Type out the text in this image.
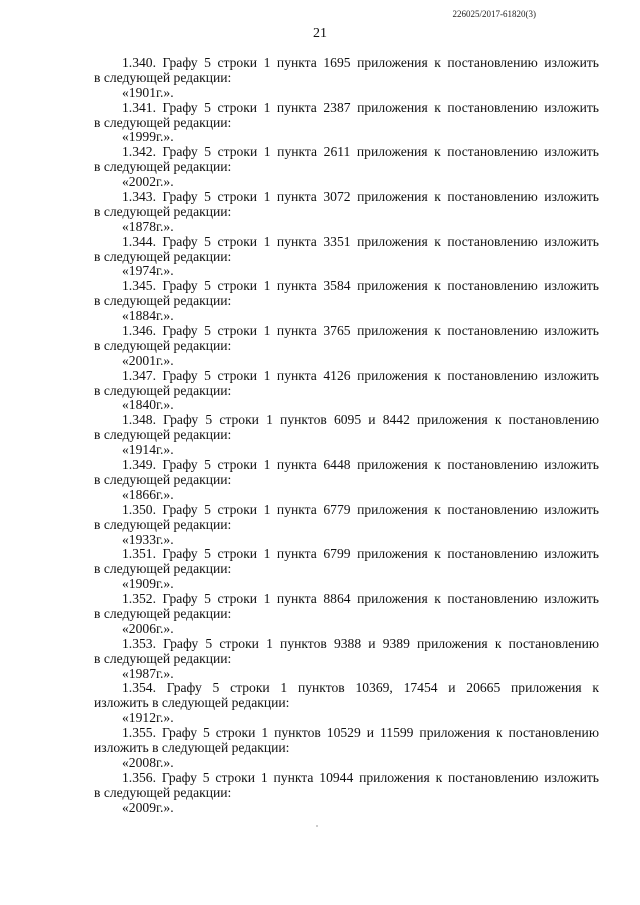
226025/2017-61820(3)
21
1.340. Графу 5 строки 1 пункта 1695 приложения к постановлению изложить
в следующей редакции:
«1901г.».
1.341. Графу 5 строки 1 пункта 2387 приложения к постановлению изложить
в следующей редакции:
«1999г.».
1.342. Графу 5 строки 1 пункта 2611 приложения к постановлению изложить
в следующей редакции:
«2002г.».
1.343. Графу 5 строки 1 пункта 3072 приложения к постановлению изложить
в следующей редакции:
«1878г.».
1.344. Графу 5 строки 1 пункта 3351 приложения к постановлению изложить
в следующей редакции:
«1974г.».
1.345. Графу 5 строки 1 пункта 3584 приложения к постановлению изложить
в следующей редакции:
«1884г.».
1.346. Графу 5 строки 1 пункта 3765 приложения к постановлению изложить
в следующей редакции:
«2001г.».
1.347. Графу 5 строки 1 пункта 4126 приложения к постановлению изложить
в следующей редакции:
«1840г.».
1.348. Графу 5 строки 1 пунктов 6095 и 8442 приложения к постановлению
в следующей редакции:
«1914г.».
1.349. Графу 5 строки 1 пункта 6448 приложения к постановлению изложить
в следующей редакции:
«1866г.».
1.350. Графу 5 строки 1 пункта 6779 приложения к постановлению изложить
в следующей редакции:
«1933г.».
1.351. Графу 5 строки 1 пункта 6799 приложения к постановлению изложить
в следующей редакции:
«1909г.».
1.352. Графу 5 строки 1 пункта 8864 приложения к постановлению изложить
в следующей редакции:
«2006г.».
1.353. Графу 5 строки 1 пунктов 9388 и 9389 приложения к постановлению
в следующей редакции:
«1987г.».
1.354. Графу 5 строки 1 пунктов 10369, 17454 и 20665 приложения к
изложить в следующей редакции:
«1912г.».
1.355. Графу 5 строки 1 пунктов 10529 и 11599 приложения к постановлению
изложить в следующей редакции:
«2008г.».
1.356. Графу 5 строки 1 пункта 10944 приложения к постановлению изложить
в следующей редакции:
«2009г.».
